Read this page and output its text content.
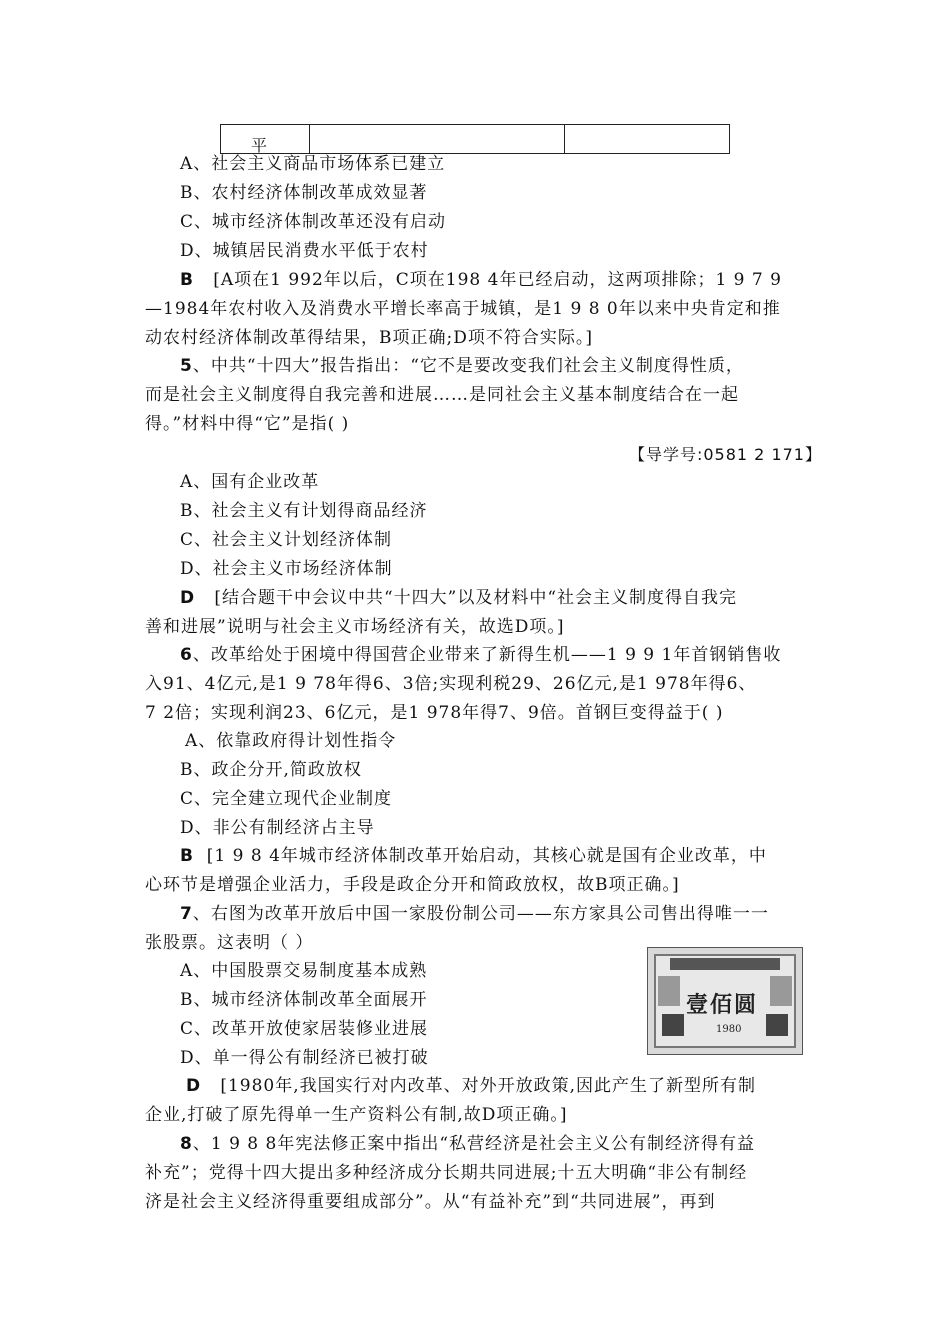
平
A、社会主义商品市场体系已建立
B、农村经济体制改革成效显著
C、城市经济体制改革还没有启动
D、城镇居民消费水平低于农村
B [A项在1 992年以后，C项在198 4年已经启动，这两项排除；1 9 7 9
—1984年农村收入及消费水平增长率高于城镇，是1 9 8 0年以来中央肯定和推
动农村经济体制改革得结果，B项正确;D项不符合实际。]
5、中共“十四大”报告指出：“它不是要改变我们社会主义制度得性质，
而是社会主义制度得自我完善和进展……是同社会主义基本制度结合在一起
得。”材料中得“它”是指( )
【导学号:0581 2 171】
A、国有企业改革
B、社会主义有计划得商品经济
C、社会主义计划经济体制
D、社会主义市场经济体制
D [结合题干中会议中共“十四大”以及材料中“社会主义制度得自我完
善和进展”说明与社会主义市场经济有关，故选D项。]
6、改革给处于困境中得国营企业带来了新得生机——1 9 9 1年首钢销售收
入91、4亿元,是1 9 78年得6、3倍;实现利税29、26亿元,是1 978年得6、
7 2倍；实现利润23、6亿元，是1 978年得7、9倍。首钢巨变得益于( )
A、依靠政府得计划性指令
B、政企分开,简政放权
C、完全建立现代企业制度
D、非公有制经济占主导
B [1 9 8 4年城市经济体制改革开始启动，其核心就是国有企业改革，中
心环节是增强企业活力，手段是政企分开和简政放权，故B项正确。]
7、右图为改革开放后中国一家股份制公司——东方家具公司售出得唯一一
张股票。这表明（ ）
A、中国股票交易制度基本成熟
B、城市经济体制改革全面展开
C、改革开放使家居装修业进展
D、单一得公有制经济已被打破
壹佰圆
1980
D [1980年,我国实行对内改革、对外开放政策,因此产生了新型所有制
企业,打破了原先得单一生产资料公有制,故D项正确。]
8、1 9 8 8年宪法修正案中指出“私营经济是社会主义公有制经济得有益
补充”；党得十四大提出多种经济成分长期共同进展;十五大明确“非公有制经
济是社会主义经济得重要组成部分”。从“有益补充”到“共同进展”，再到
